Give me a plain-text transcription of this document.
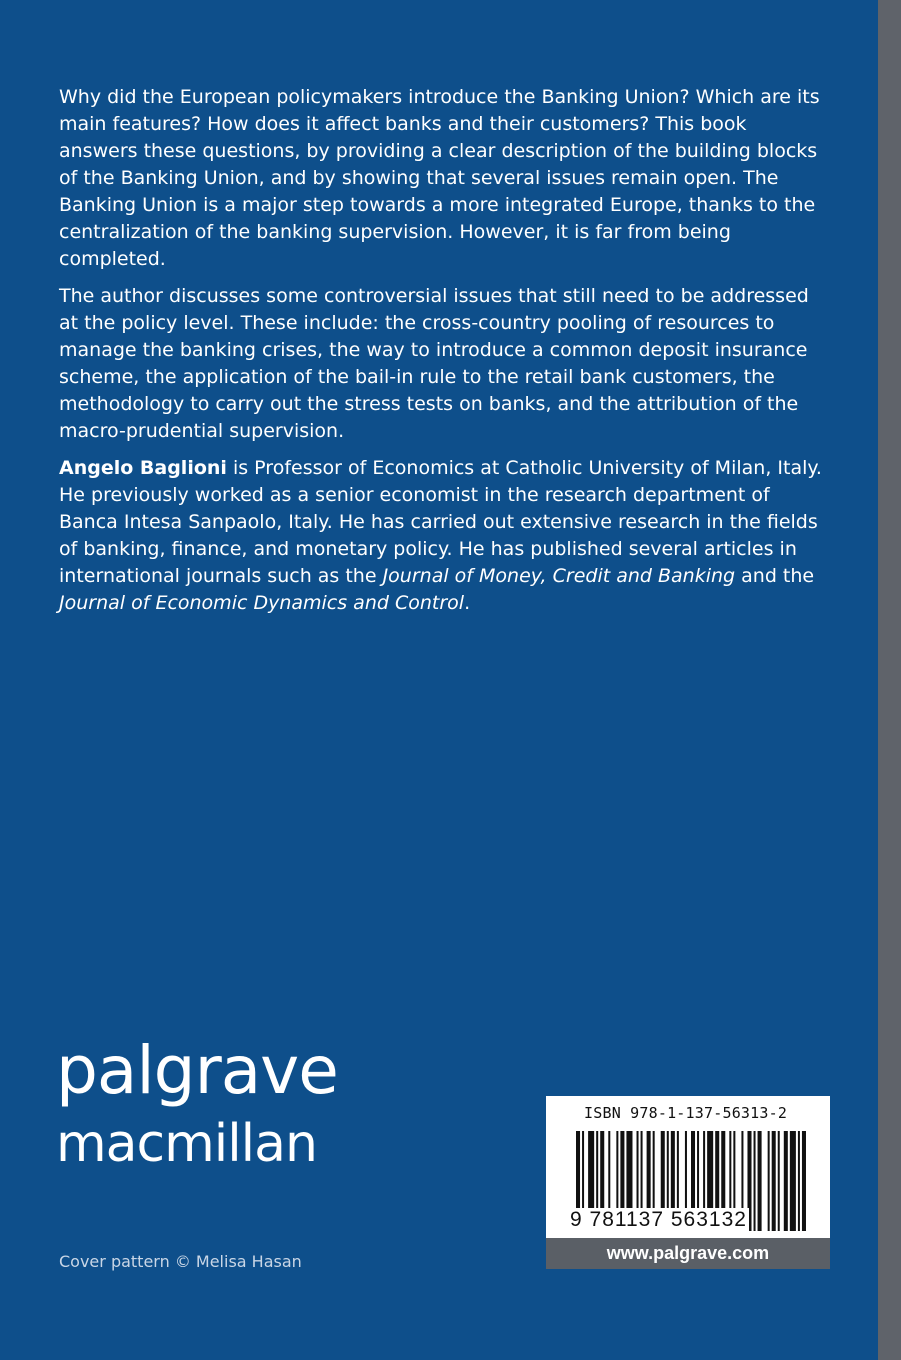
Why did the European policymakers introduce the Banking Union? Which are its main features? How does it affect banks and their customers? This book answers these questions, by providing a clear description of the building blocks of the Banking Union, and by showing that several issues remain open. The Banking Union is a major step towards a more integrated Europe, thanks to the centralization of the banking supervision. However, it is far from being completed.

The author discusses some controversial issues that still need to be addressed at the policy level. These include: the cross-country pooling of resources to manage the banking crises, the way to introduce a common deposit insurance scheme, the application of the bail-in rule to the retail bank customers, the methodology to carry out the stress tests on banks, and the attribution of the macro-prudential supervision.

Angelo Baglioni is Professor of Economics at Catholic University of Milan, Italy. He previously worked as a senior economist in the research department of Banca Intesa Sanpaolo, Italy. He has carried out extensive research in the fields of banking, finance, and monetary policy. He has published several articles in international journals such as the Journal of Money, Credit and Banking and the Journal of Economic Dynamics and Control.

palgrave
macmillan
Cover pattern © Melisa Hasan
ISBN 978-1-137-56313-2
9 781137 563132
www.palgrave.com
